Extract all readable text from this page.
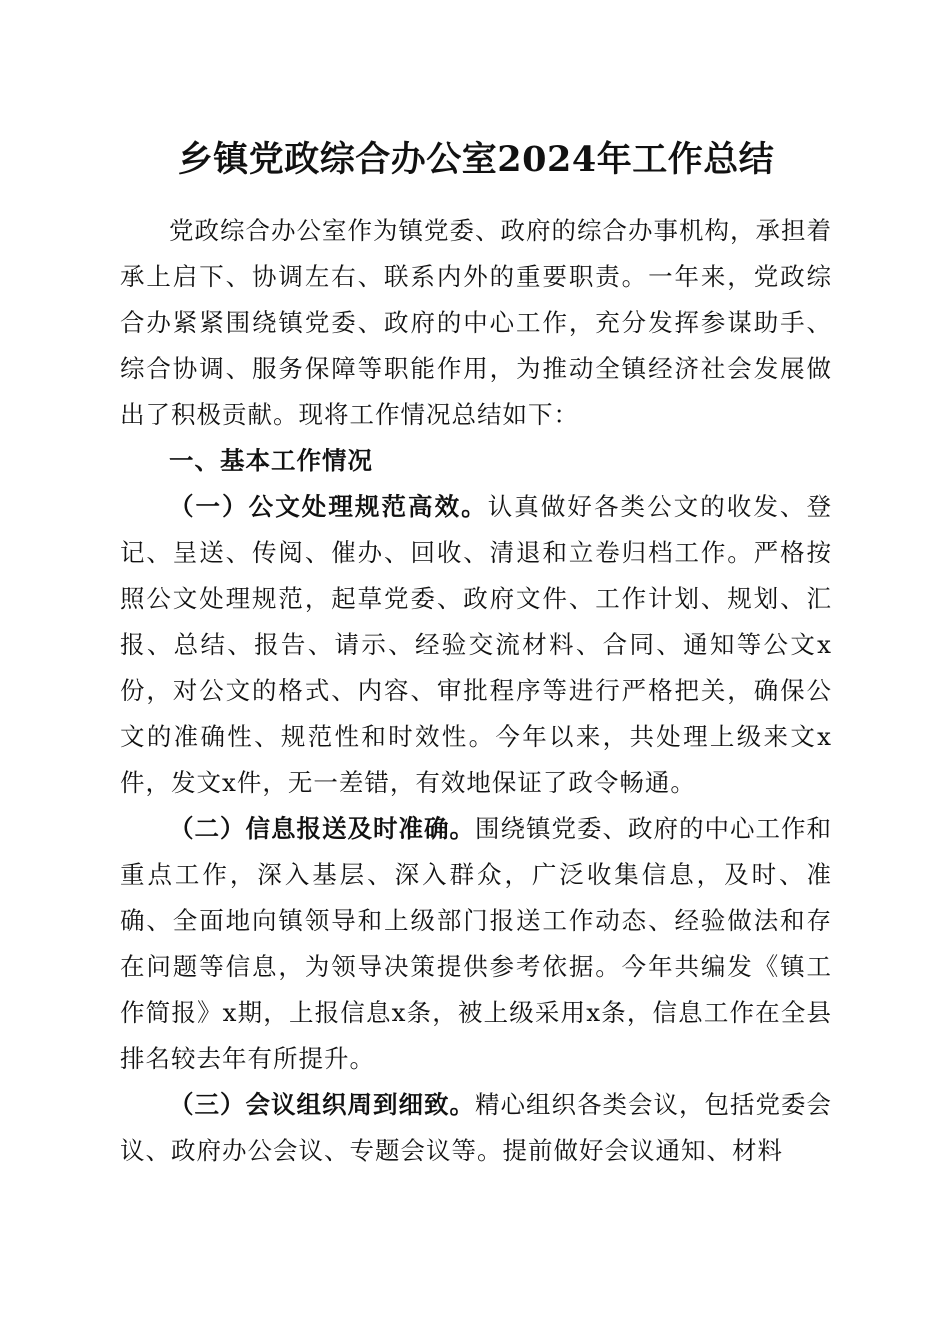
乡镇党政综合办公室2024年工作总结

党政综合办公室作为镇党委、政府的综合办事机构，承担着承上启下、协调左右、联系内外的重要职责。一年来，党政综合办紧紧围绕镇党委、政府的中心工作，充分发挥参谋助手、综合协调、服务保障等职能作用，为推动全镇经济社会发展做出了积极贡献。现将工作情况总结如下：

一、基本工作情况

（一）公文处理规范高效。认真做好各类公文的收发、登记、呈送、传阅、催办、回收、清退和立卷归档工作。严格按照公文处理规范，起草党委、政府文件、工作计划、规划、汇报、总结、报告、请示、经验交流材料、合同、通知等公文x份，对公文的格式、内容、审批程序等进行严格把关，确保公文的准确性、规范性和时效性。今年以来，共处理上级来文x件，发文x件，无一差错，有效地保证了政令畅通。

（二）信息报送及时准确。围绕镇党委、政府的中心工作和重点工作，深入基层、深入群众，广泛收集信息，及时、准确、全面地向镇领导和上级部门报送工作动态、经验做法和存在问题等信息，为领导决策提供参考依据。今年共编发《镇工作简报》x期，上报信息x条，被上级采用x条，信息工作在全县排名较去年有所提升。

（三）会议组织周到细致。精心组织各类会议，包括党委会议、政府办公会议、专题会议等。提前做好会议通知、材料
